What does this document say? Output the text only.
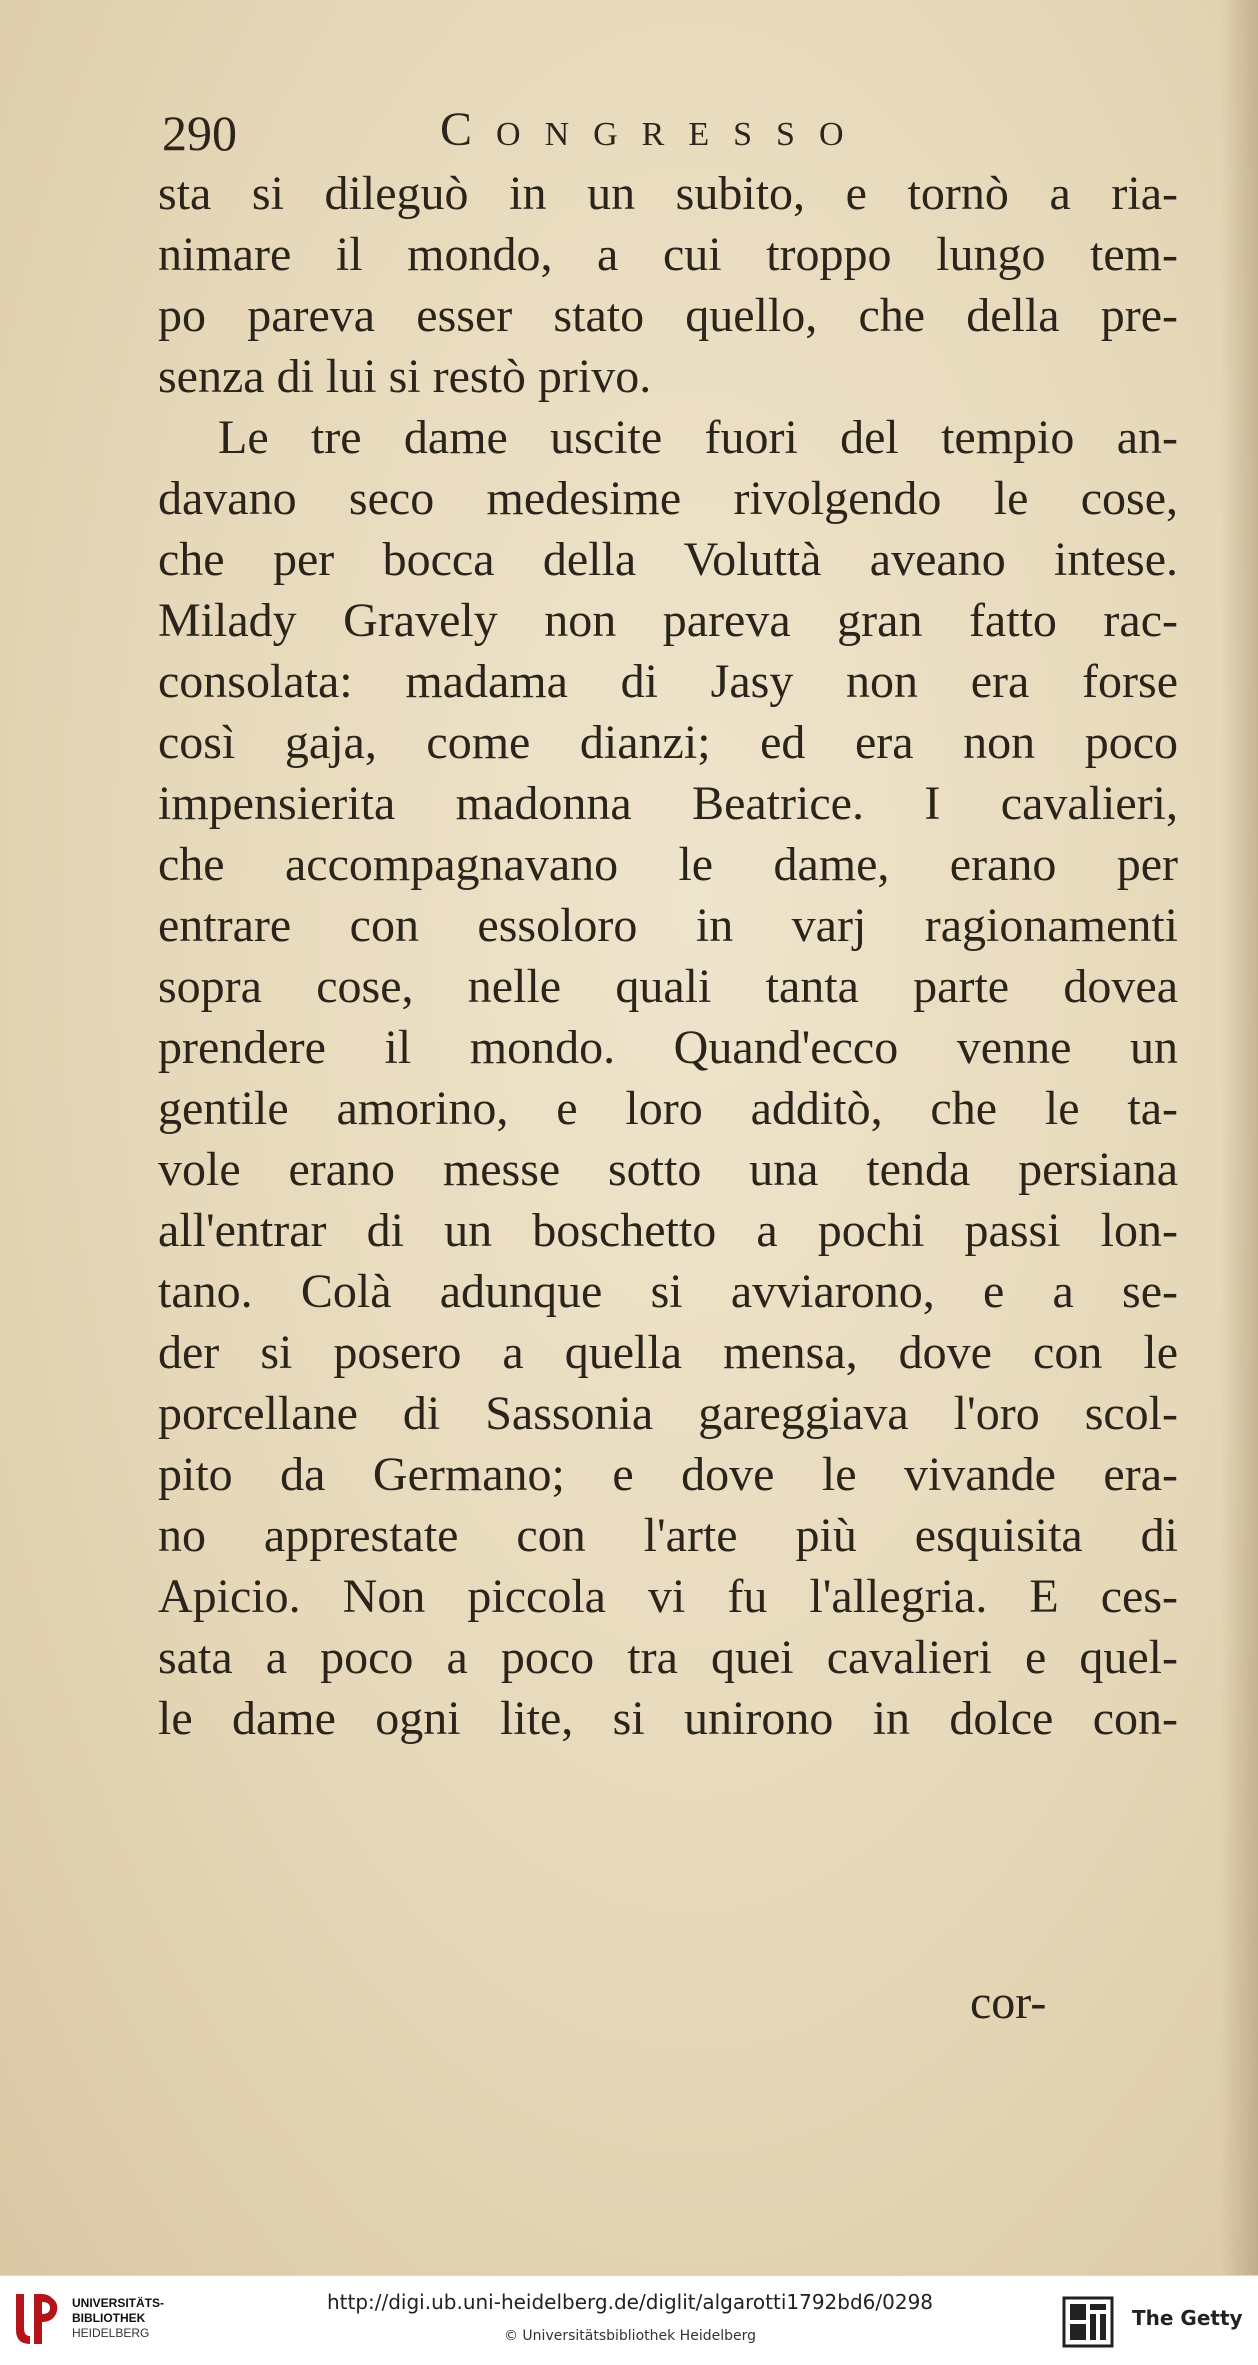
290	Congresso
sta si dileguò in un subito, e tornò a ria-
nimare il mondo, a cui troppo lungo tem-
po pareva esser stato quello, che della pre-
senza di lui si restò privo.
Le tre dame uscite fuori del tempio an-
davano seco medesime rivolgendo le cose,
che per bocca della Voluttà aveano intese.
Milady Gravely non pareva gran fatto rac-
consolata: madama di Jasy non era forse
così gaja, come dianzi; ed era non poco
impensierita madonna Beatrice. I cavalieri,
che accompagnavano le dame, erano per
entrare con essoloro in varj ragionamenti
sopra cose, nelle quali tanta parte dovea
prendere il mondo. Quand'ecco venne un
gentile amorino, e loro additò, che le ta-
vole erano messe sotto una tenda persiana
all'entrar di un boschetto a pochi passi lon-
tano. Colà adunque si avviarono, e a se-
der si posero a quella mensa, dove con le
porcellane di Sassonia gareggiava l'oro scol-
pito da Germano; e dove le vivande era-
no apprestate con l'arte più esquisita di
Apicio. Non piccola vi fu l'allegria. E ces-
sata a poco a poco tra quei cavalieri e quel-
le dame ogni lite, si unirono in dolce con-
cor-
UNIVERSITÄTS-
BIBLIOTHEK
HEIDELBERG
http://digi.ub.uni-heidelberg.de/diglit/algarotti1792bd6/0298
© Universitätsbibliothek Heidelberg
The Getty
